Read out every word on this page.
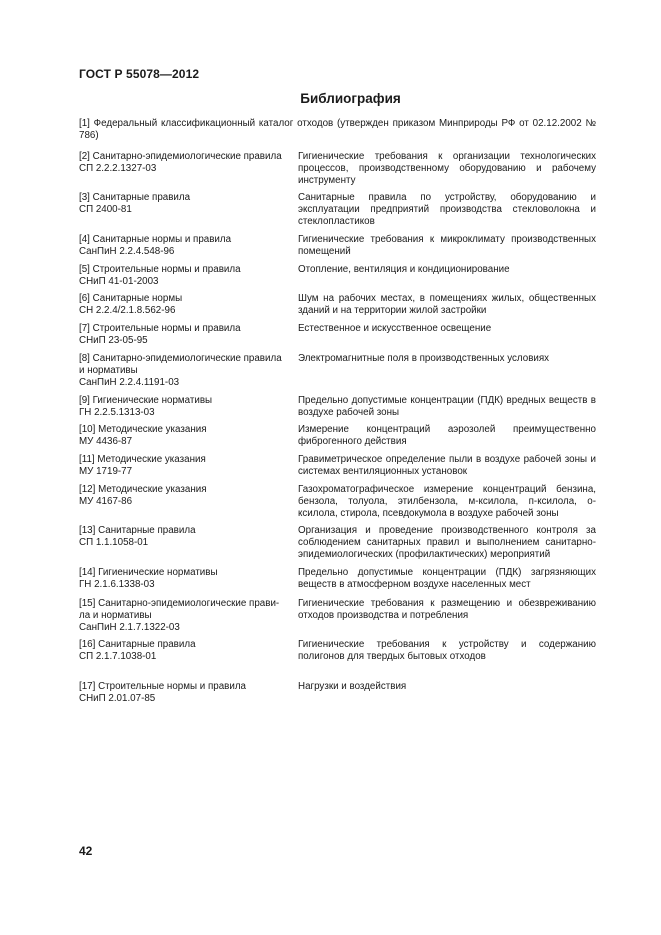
ГОСТ Р 55078—2012
Библиография
[1] Федеральный классификационный каталог отходов (утвержден приказом Минприроды РФ от 02.12.2002 № 786)
[2] Санитарно-эпидемиологические правила
СП 2.2.2.1327-03
Гигиенические требования к организации технологических процессов, производственному оборудованию и рабочему инструменту
[3] Санитарные правила
СП 2400-81
Санитарные правила по устройству, оборудованию и эксплуатации предприятий производства стекловолокна и стеклопластиков
[4] Санитарные нормы и правила
СанПиН 2.2.4.548-96
Гигиенические требования к микроклимату производственных помещений
[5] Строительные нормы и правила
СНиП 41-01-2003
Отопление, вентиляция и кондиционирование
[6] Санитарные нормы
СН 2.2.4/2.1.8.562-96
Шум на рабочих местах, в помещениях жилых, общественных зданий и на территории жилой застройки
[7] Строительные нормы и правила
СНиП 23-05-95
Естественное и искусственное освещение
[8] Санитарно-эпидемиологические правила
и нормативы
СанПиН 2.2.4.1191-03
Электромагнитные поля в производственных условиях
[9] Гигиенические нормативы
ГН 2.2.5.1313-03
Предельно допустимые концентрации (ПДК) вредных веществ в воздухе рабочей зоны
[10] Методические указания
МУ 4436-87
Измерение концентраций аэрозолей преимущественно фиброгенного действия
[11] Методические указания
МУ 1719-77
Гравиметрическое определение пыли в воздухе рабочей зоны и системах вентиляционных установок
[12] Методические указания
МУ 4167-86
Газохроматографическое измерение концентраций бензина, бензола, толуола, этилбензола, м-ксилола, п-ксилола, о-ксилола, стирола, псевдокумола в воздухе рабочей зоны
[13] Санитарные правила
СП 1.1.1058-01
Организация и проведение производственного контроля за соблюдением санитарных правил и выполнением санитарно-эпидемиологических (профилактических) мероприятий
[14] Гигиенические нормативы
ГН 2.1.6.1338-03
Предельно допустимые концентрации (ПДК) загрязняющих веществ в атмосферном воздухе населенных мест
[15] Санитарно-эпидемиологические прави-
ла и нормативы
СанПиН 2.1.7.1322-03
Гигиенические требования к размещению и обезвреживанию отходов производства и потребления
[16] Санитарные правила
СП 2.1.7.1038-01
Гигиенические требования к устройству и содержанию полигонов для твердых бытовых отходов
[17] Строительные нормы и правила
СНиП 2.01.07-85
Нагрузки и воздействия
42
